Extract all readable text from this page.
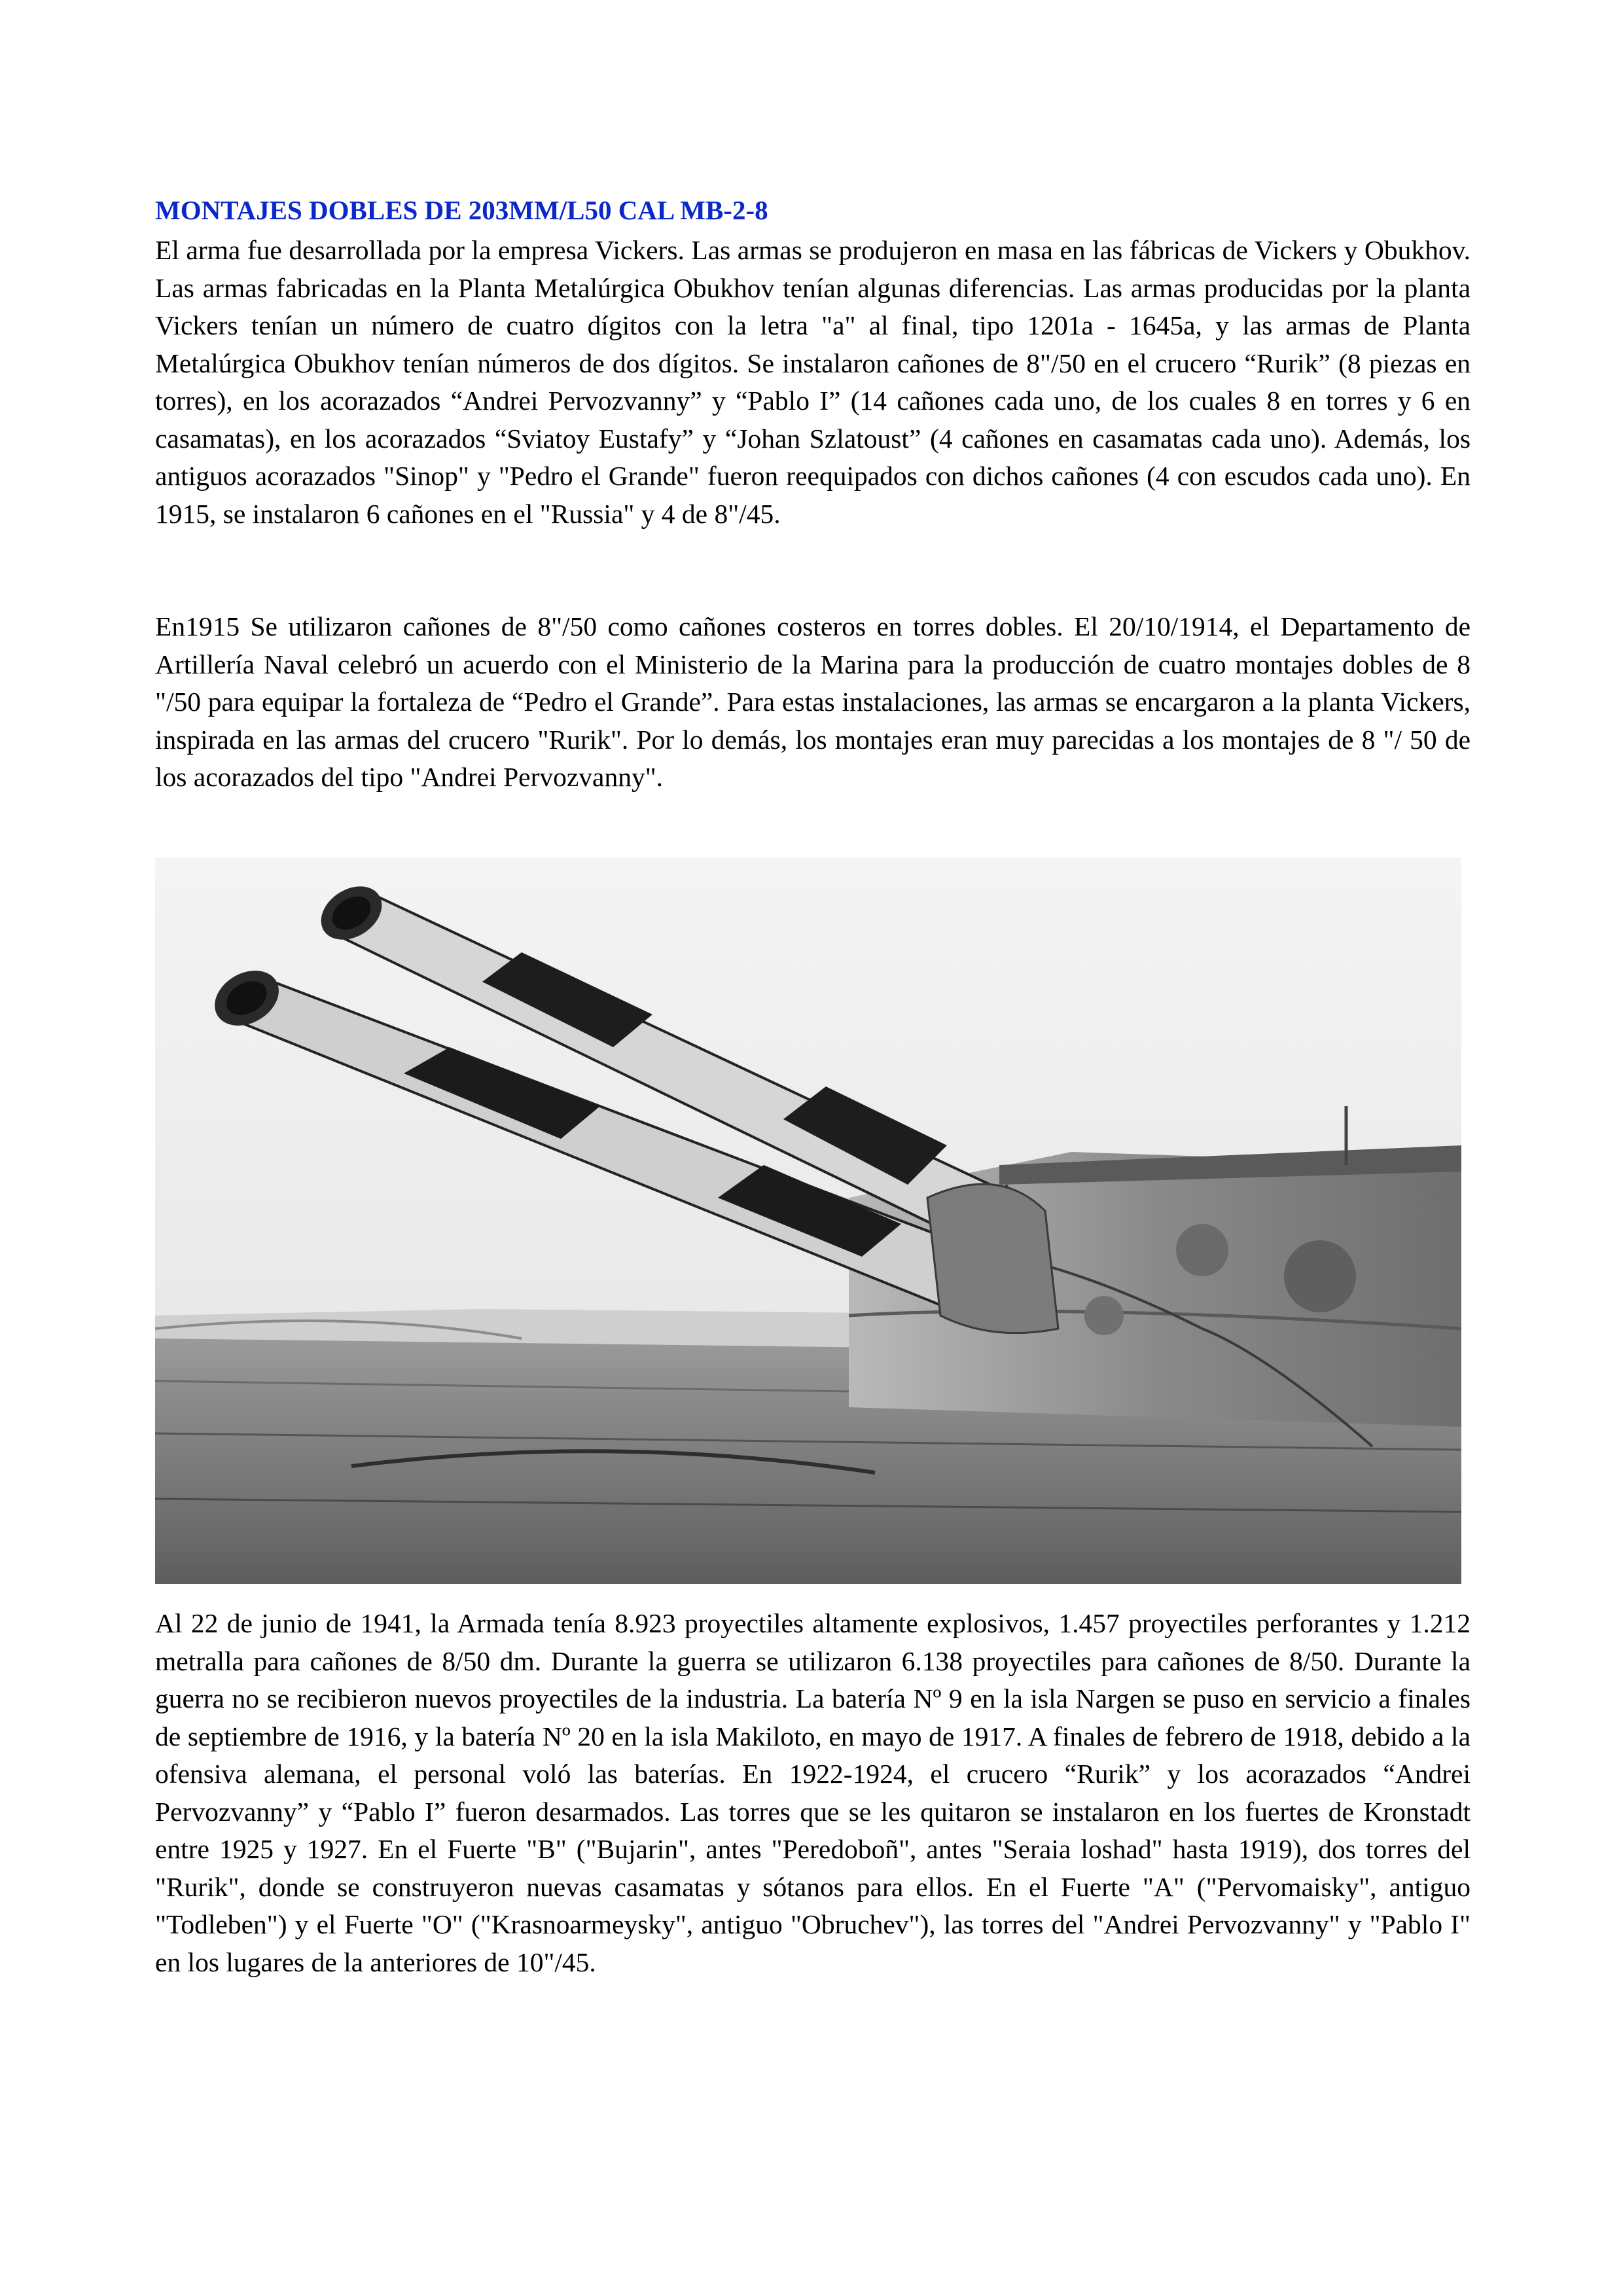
MONTAJES DOBLES DE 203MM/L50 CAL MB-2-8

El arma fue desarrollada por la empresa Vickers. Las armas se produjeron en masa en las fábricas de Vickers y Obukhov. Las armas fabricadas en la Planta Metalúrgica Obukhov tenían algunas diferencias. Las armas producidas por la planta Vickers tenían un número de cuatro dígitos con la letra "a" al final, tipo 1201a - 1645a, y las armas de Planta Metalúrgica Obukhov tenían números de dos dígitos. Se instalaron cañones de 8"/50 en el crucero “Rurik” (8 piezas en torres), en los acorazados “Andrei Pervozvanny” y “Pablo I” (14 cañones cada uno, de los cuales 8 en torres y 6 en casamatas), en los acorazados “Sviatoy Eustafy” y “Johan Szlatoust” (4 cañones en casamatas cada uno). Además, los antiguos acorazados "Sinop" y "Pedro el Grande" fueron reequipados con dichos cañones (4 con escudos cada uno). En 1915, se instalaron 6 cañones en el "Russia" y 4 de 8"/45.

En1915 Se utilizaron cañones de 8"/50 como cañones costeros en torres dobles. El 20/10/1914, el Departamento de Artillería Naval celebró un acuerdo con el Ministerio de la Marina para la producción de cuatro montajes dobles de 8 "/50 para equipar la fortaleza de “Pedro el Grande”. Para estas instalaciones, las armas se encargaron a la planta Vickers, inspirada en las armas del crucero "Rurik". Por lo demás, los montajes eran muy parecidas a los montajes de 8 "/ 50 de los acorazados del tipo "Andrei Pervozvanny".

Al 22 de junio de 1941, la Armada tenía 8.923 proyectiles altamente explosivos, 1.457 proyectiles perforantes y 1.212 metralla para cañones de 8/50 dm. Durante la guerra se utilizaron 6.138 proyectiles para cañones de 8/50. Durante la guerra no se recibieron nuevos proyectiles de la industria. La batería Nº 9 en la isla Nargen se puso en servicio a finales de septiembre de 1916, y la batería Nº 20 en la isla Makiloto, en mayo de 1917. A finales de febrero de 1918, debido a la ofensiva alemana, el personal voló las baterías. En 1922-1924, el crucero “Rurik” y los acorazados “Andrei Pervozvanny” y “Pablo I” fueron desarmados. Las torres que se les quitaron se instalaron en los fuertes de Kronstadt entre 1925 y 1927. En el Fuerte "B" ("Bujarin", antes "Peredoboñ", antes "Seraia loshad" hasta 1919), dos torres del "Rurik", donde se construyeron nuevas casamatas y sótanos para ellos. En el Fuerte "A" ("Pervomaisky", antiguo "Todleben") y el Fuerte "O" ("Krasnoarmeysky", antiguo "Obruchev"), las torres del "Andrei Pervozvanny" y "Pablo I" en los lugares de la anteriores de 10"/45.
